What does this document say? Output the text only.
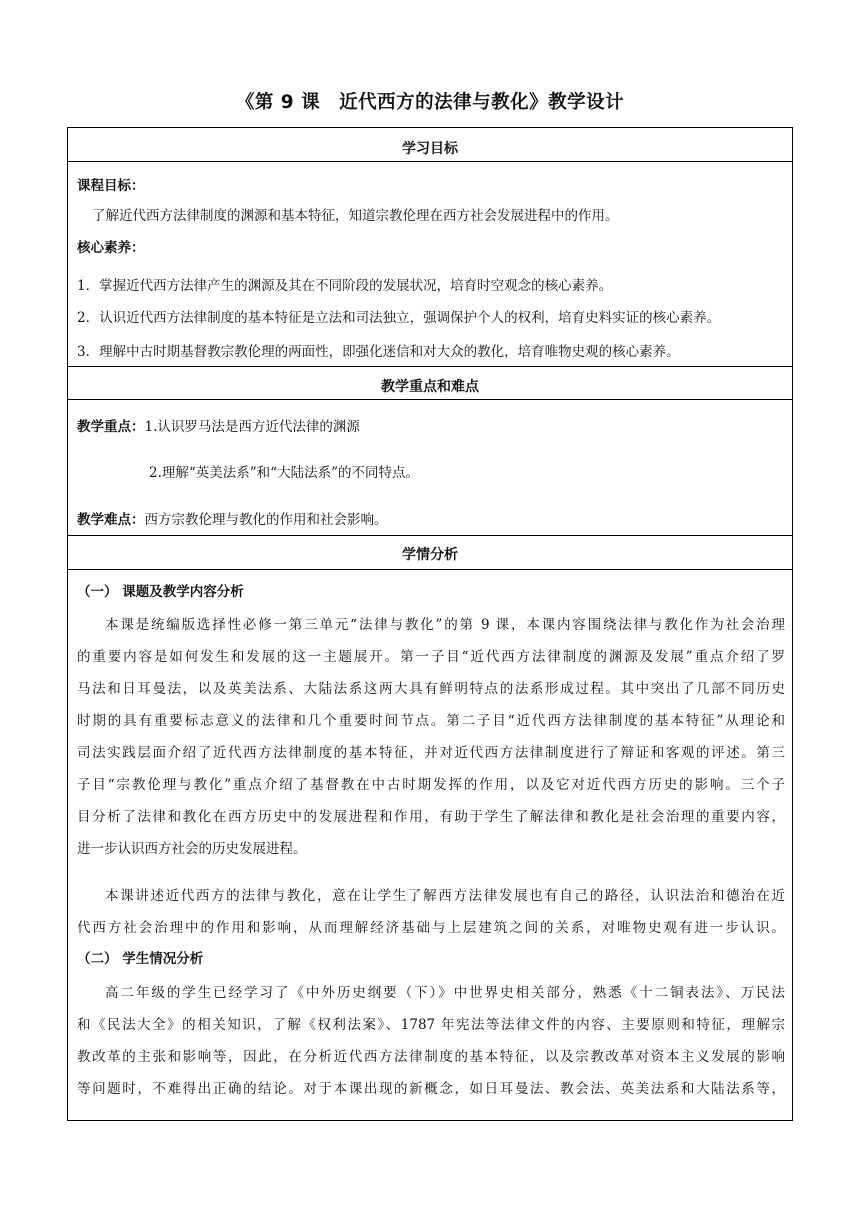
《第 9 课　近代西方的法律与教化》教学设计
学习目标
课程目标：
了解近代西方法律制度的渊源和基本特征，知道宗教伦理在西方社会发展进程中的作用。
核心素养：
1．掌握近代西方法律产生的渊源及其在不同阶段的发展状况，培育时空观念的核心素养。
2．认识近代西方法律制度的基本特征是立法和司法独立，强调保护个人的权利，培育史料实证的核心素养。
3．理解中古时期基督教宗教伦理的两面性，即强化迷信和对大众的教化，培育唯物史观的核心素养。
教学重点和难点
教学重点：1.认识罗马法是西方近代法律的渊源
2.理解“英美法系”和“大陆法系”的不同特点。
教学难点：西方宗教伦理与教化的作用和社会影响。
学情分析
（一） 课题及教学内容分析
本课是统编版选择性必修一第三单元“法律与教化”的第 9 课，本课内容围绕法律与教化作为社会治理
的重要内容是如何发生和发展的这一主题展开。第一子目“近代西方法律制度的渊源及发展”重点介绍了罗
马法和日耳曼法，以及英美法系、大陆法系这两大具有鲜明特点的法系形成过程。其中突出了几部不同历史
时期的具有重要标志意义的法律和几个重要时间节点。第二子目“近代西方法律制度的基本特征”从理论和
司法实践层面介绍了近代西方法律制度的基本特征，并对近代西方法律制度进行了辩证和客观的评述。第三
子目“宗教伦理与教化”重点介绍了基督教在中古时期发挥的作用，以及它对近代西方历史的影响。三个子
目分析了法律和教化在西方历史中的发展进程和作用，有助于学生了解法律和教化是社会治理的重要内容，
进一步认识西方社会的历史发展进程。
本课讲述近代西方的法律与教化，意在让学生了解西方法律发展也有自己的路径，认识法治和德治在近
代西方社会治理中的作用和影响，从而理解经济基础与上层建筑之间的关系，对唯物史观有进一步认识。
（二） 学生情况分析
高二年级的学生已经学习了《中外历史纲要（下）》中世界史相关部分，熟悉《十二铜表法》、万民法
和《民法大全》的相关知识，了解《权利法案》、1787 年宪法等法律文件的内容、主要原则和特征，理解宗
教改革的主张和影响等，因此，在分析近代西方法律制度的基本特征，以及宗教改革对资本主义发展的影响
等问题时，不难得出正确的结论。对于本课出现的新概念，如日耳曼法、教会法、英美法系和大陆法系等，
